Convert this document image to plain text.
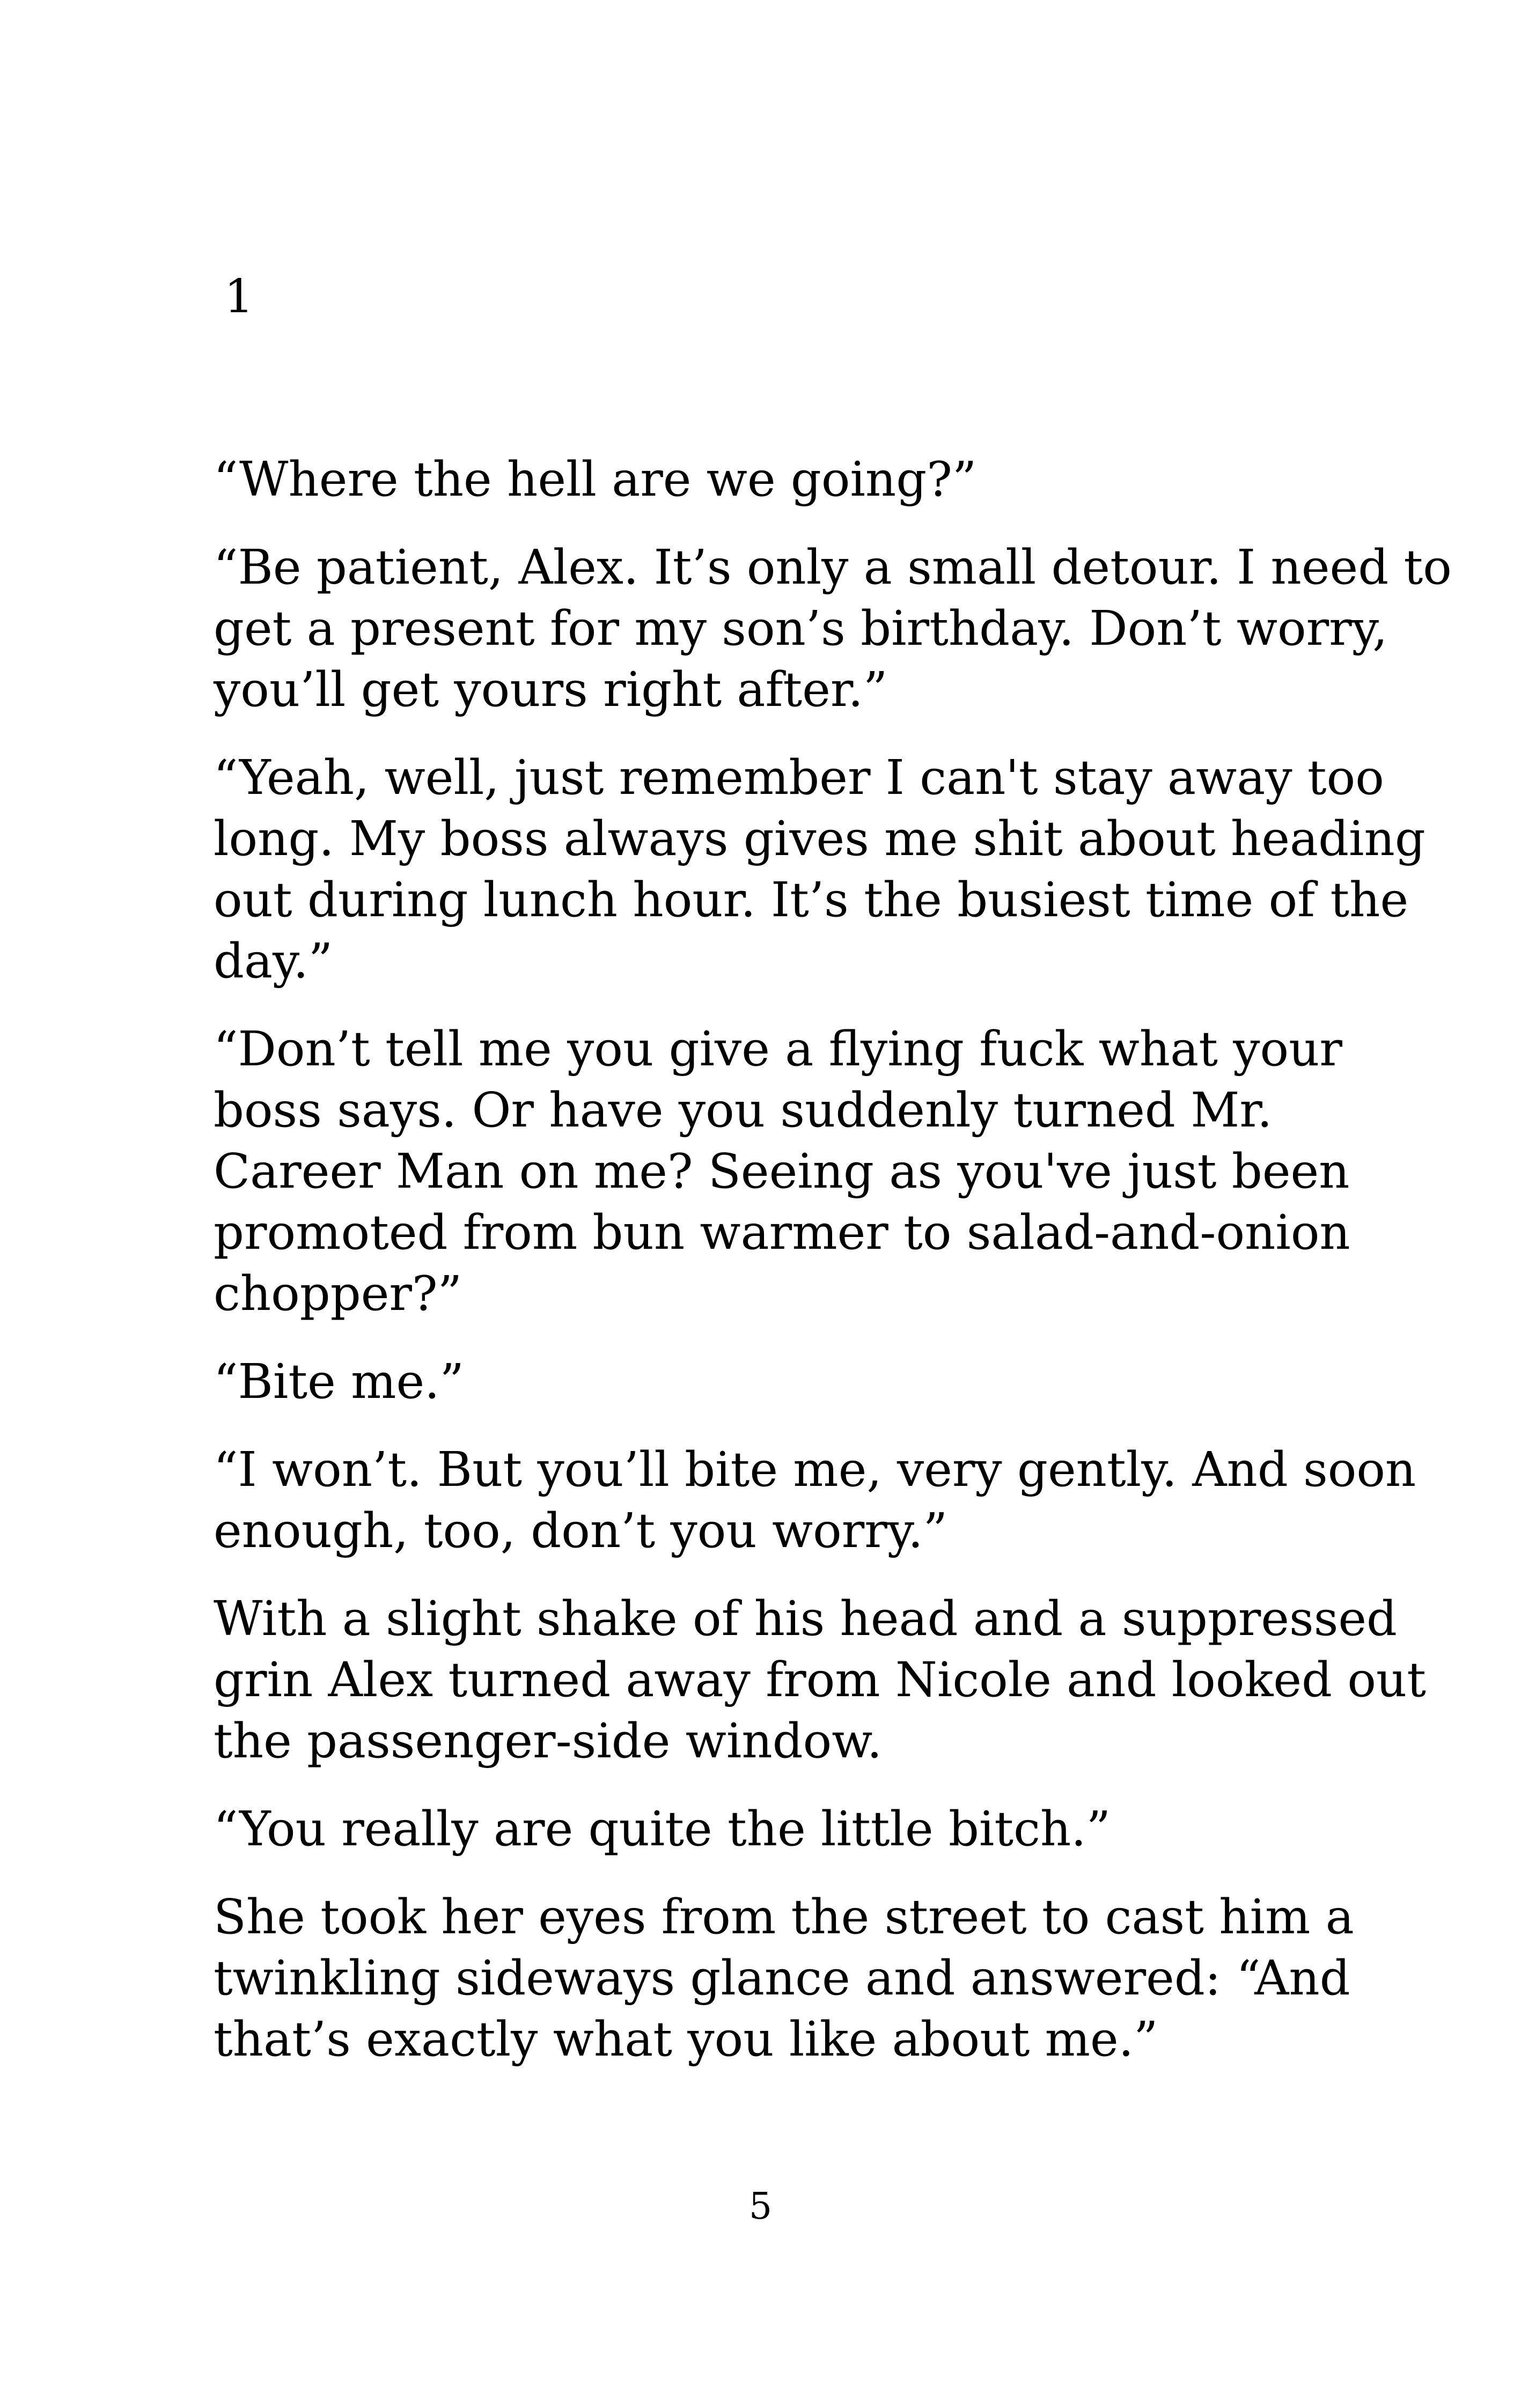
1

“Where the hell are we going?”

“Be patient, Alex. It’s only a small detour. I need to
get a present for my son’s birthday. Don’t worry,
you’ll get yours right after.”

“Yeah, well, just remember I can't stay away too
long. My boss always gives me shit about heading
out during lunch hour. It’s the busiest time of the
day.”

“Don’t tell me you give a flying fuck what your
boss says. Or have you suddenly turned Mr.
Career Man on me? Seeing as you've just been
promoted from bun warmer to salad-and-onion
chopper?”

“Bite me.”

“I won’t. But you’ll bite me, very gently. And soon
enough, too, don’t you worry.”

With a slight shake of his head and a suppressed
grin Alex turned away from Nicole and looked out
the passenger-side window.

“You really are quite the little bitch.”

She took her eyes from the street to cast him a
twinkling sideways glance and answered: “And
that’s exactly what you like about me.”

5
